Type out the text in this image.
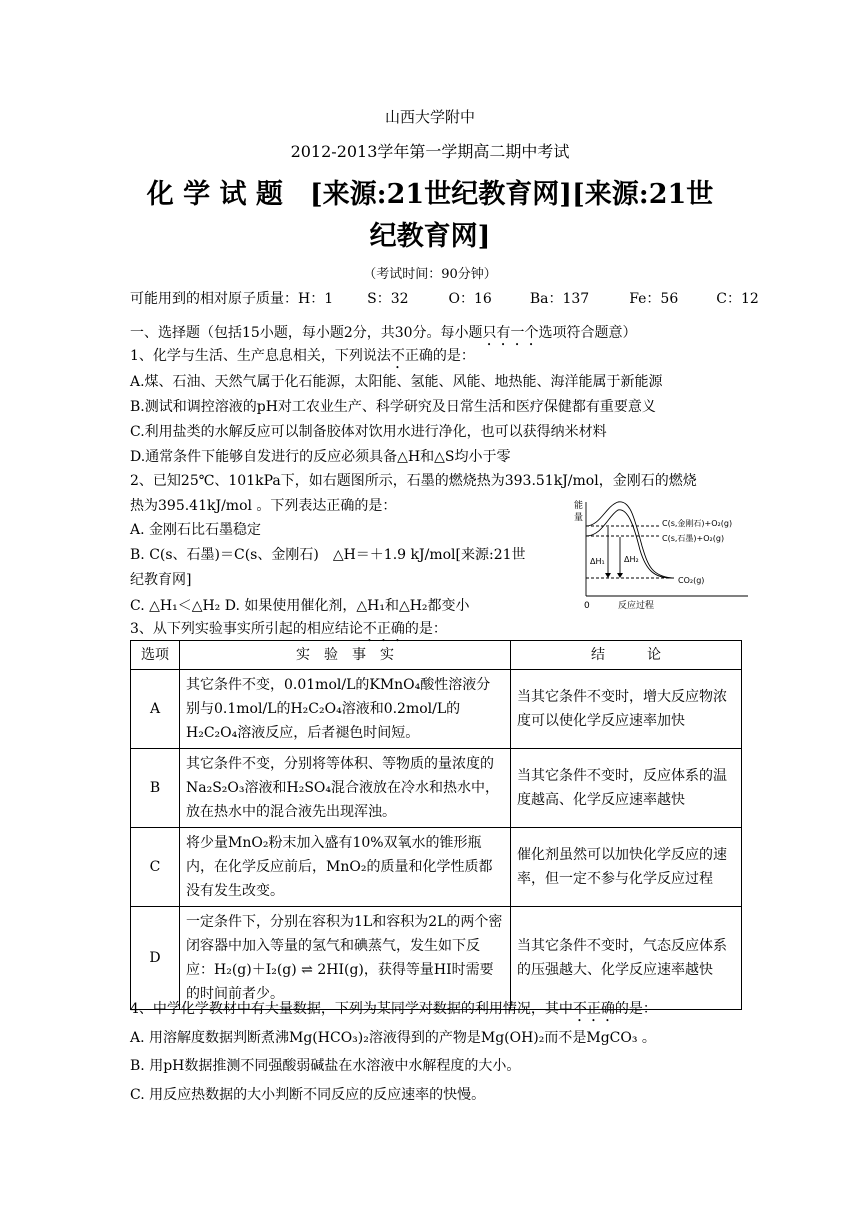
山西大学附中
2012-2013学年第一学期高二期中考试
化 学 试 题　[来源:21世纪教育网][来源:21世
纪教育网]
（考试时间：90分钟）
可能用到的相对原子质量：H：1 S：32	O：16	Ba：137	Fe：56	C：12
一、选择题（包括15小题，每小题2分，共30分。每小题只有一个选项符合题意）
1、化学与生活、生产息息相关，下列说法不正确的是：
A.煤、石油、天然气属于化石能源，太阳能、氢能、风能、地热能、海洋能属于新能源
B.测试和调控溶液的pH对工农业生产、科学研究及日常生活和医疗保健都有重要意义
C.利用盐类的水解反应可以制备胶体对饮用水进行净化，也可以获得纳米材料
D.通常条件下能够自发进行的反应必须具备△H和△S均小于零
2、已知25℃、101kPa下，如右题图所示，石墨的燃烧热为393.51kJ/mol，金刚石的燃烧
热为395.41kJ/mol 。下列表达正确的是：
A. 金刚石比石墨稳定
B. C(s、石墨)＝C(s、金刚石)　△H＝＋1.9 kJ/mol[来源:21世
纪教育网]
C. △H₁＜△H₂ D. 如果使用催化剂，△H₁和△H₂都变小
能
量
0	反应过程
C(s,金刚石)+O₂(g)
C(s,石墨)+O₂(g)
CO₂(g)
ΔH₁ ΔH₂
3、从下列实验事实所引起的相应结论不正确的是：
选项	实　验　事　实	结　　　论
A	其它条件不变，0.01mol/L的KMnO₄酸性溶液分别与0.1mol/L的H₂C₂O₄溶液和0.2mol/L的H₂C₂O₄溶液反应，后者褪色时间短。	当其它条件不变时，增大反应物浓度可以使化学反应速率加快
B	其它条件不变，分别将等体积、等物质的量浓度的Na₂S₂O₃溶液和H₂SO₄混合液放在冷水和热水中，放在热水中的混合液先出现浑浊。	当其它条件不变时，反应体系的温度越高、化学反应速率越快
C	将少量MnO₂粉末加入盛有10%双氧水的锥形瓶内，在化学反应前后，MnO₂的质量和化学性质都没有发生改变。	催化剂虽然可以加快化学反应的速率，但一定不参与化学反应过程
D	一定条件下，分别在容积为1L和容积为2L的两个密闭容器中加入等量的氢气和碘蒸气，发生如下反应：H₂(g)＋I₂(g) ⇌ 2HI(g)，获得等量HI时需要的时间前者少。	当其它条件不变时，气态反应体系的压强越大、化学反应速率越快
4、中学化学教材中有大量数据，下列为某同学对数据的利用情况，其中不正确的是：
A. 用溶解度数据判断煮沸Mg(HCO₃)₂溶液得到的产物是Mg(OH)₂而不是MgCO₃ 。
B. 用pH数据推测不同强酸弱碱盐在水溶液中水解程度的大小。
C. 用反应热数据的大小判断不同反应的反应速率的快慢。
